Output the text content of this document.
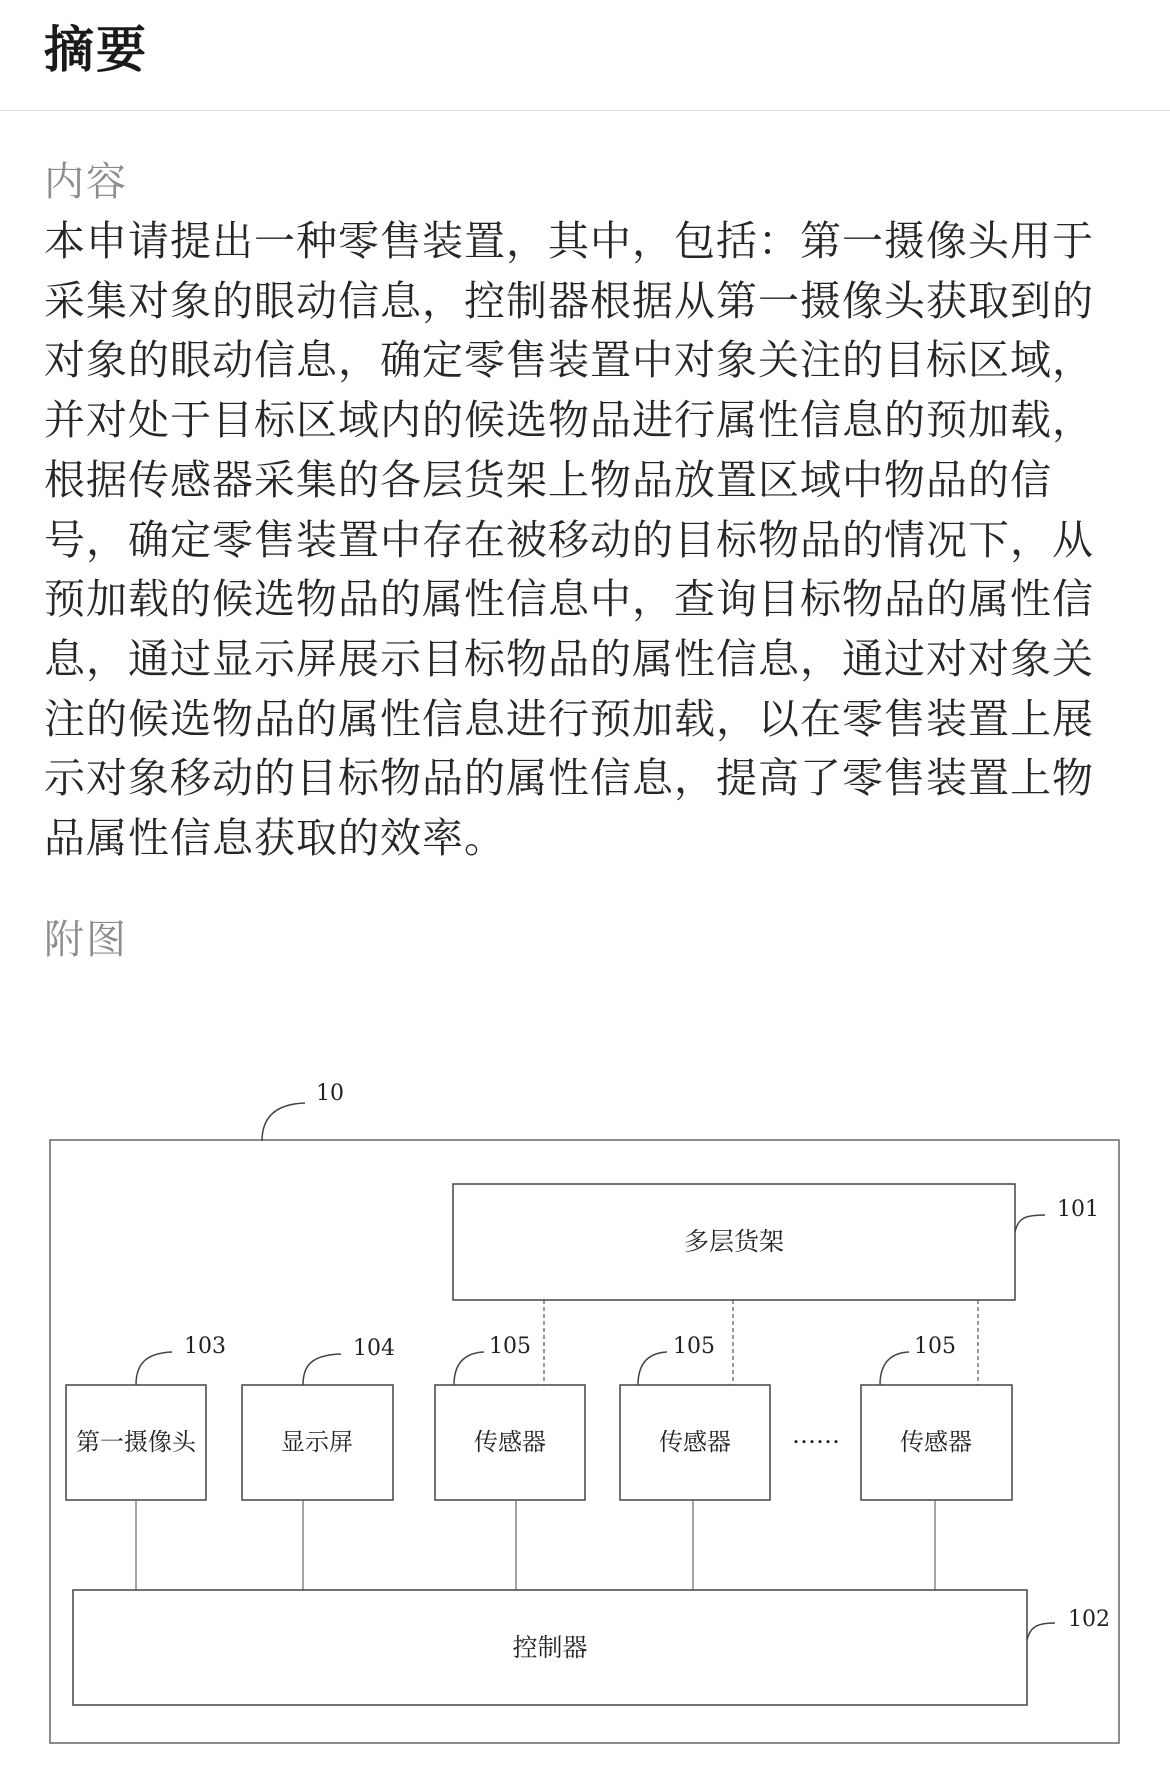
摘要
内容

本申请提出一种零售装置，其中，包括：第一摄像头用于采集对象的眼动信息，控制器根据从第一摄像头获取到的对象的眼动信息，确定零售装置中对象关注的目标区域，并对处于目标区域内的候选物品进行属性信息的预加载，根据传感器采集的各层货架上物品放置区域中物品的信号，确定零售装置中存在被移动的目标物品的情况下，从预加载的候选物品的属性信息中，查询目标物品的属性信息，通过显示屏展示目标物品的属性信息，通过对对象关注的候选物品的属性信息进行预加载，以在零售装置上展示对象移动的目标物品的属性信息，提高了零售装置上物品属性信息获取的效率。

附图
10
多层货架
101
第一摄像头
103
显示屏
104
传感器
105
传感器
105
……	传感器
105
控制器
102
